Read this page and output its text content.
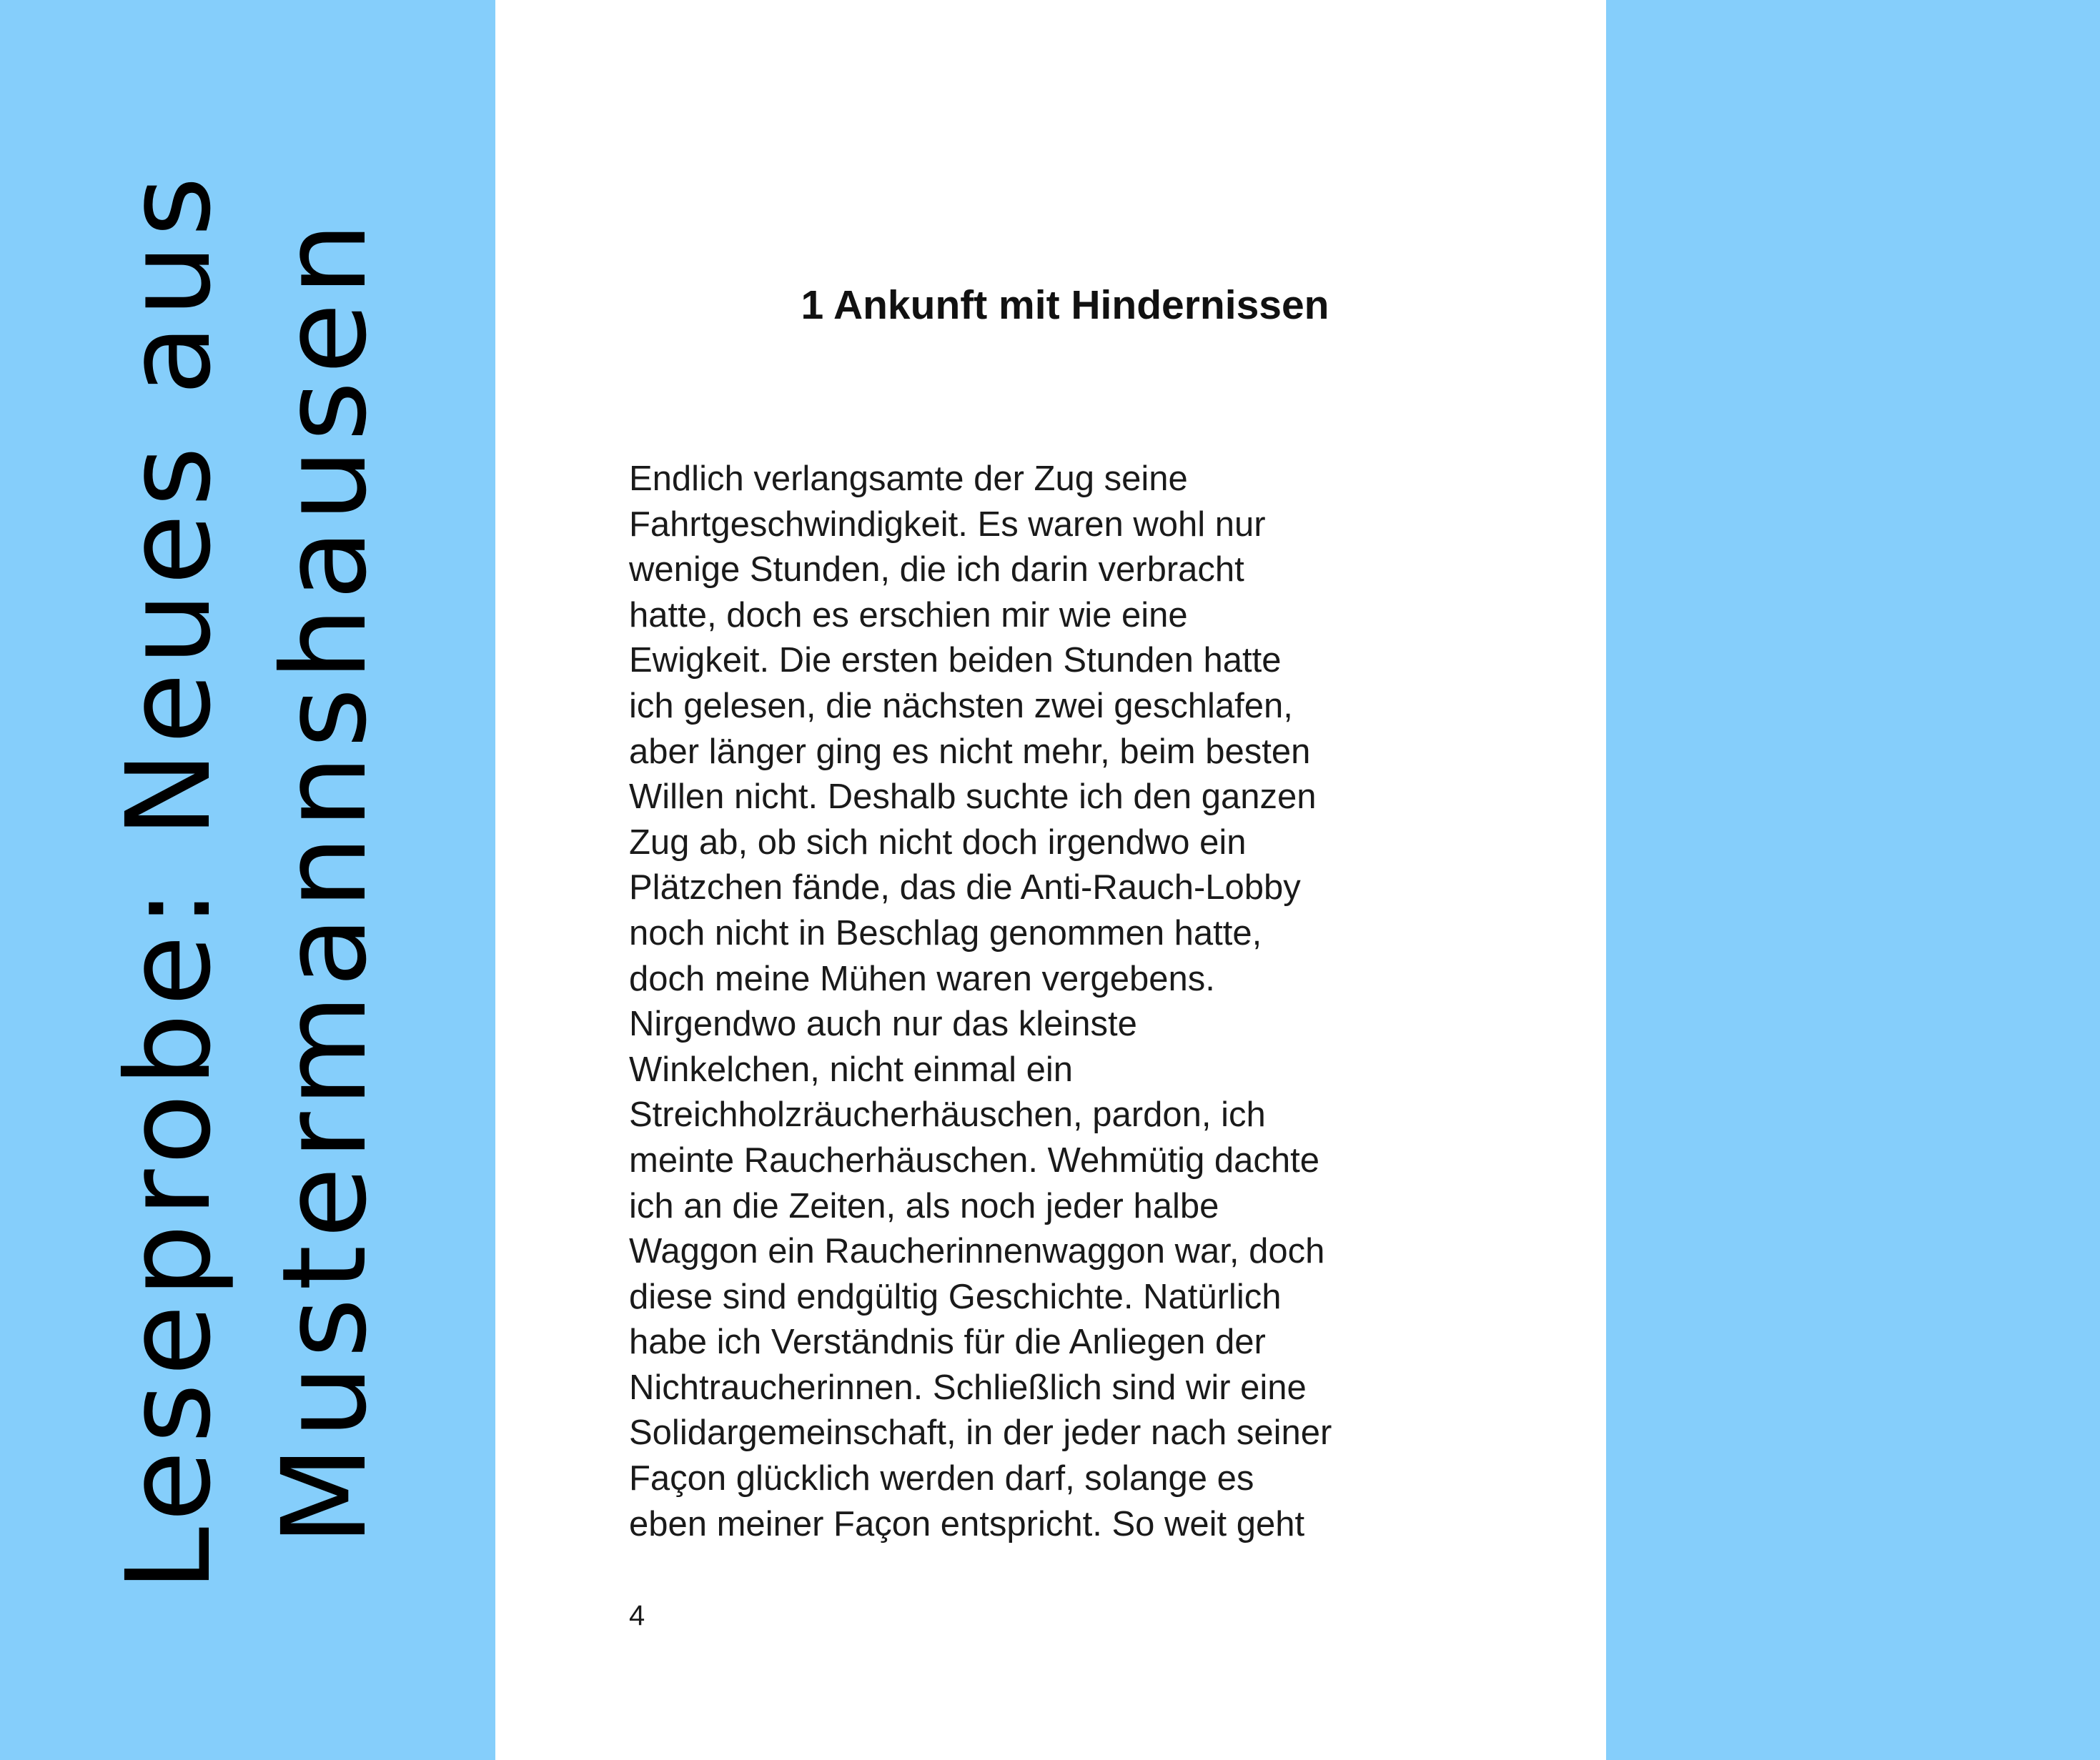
Leseprobe: Neues aus Mustermannshausen	1 Ankunft mit Hindernissen
Endlich verlangsamte der Zug seine
Fahrtgeschwindigkeit. Es waren wohl nur
wenige Stunden, die ich darin verbracht
hatte, doch es erschien mir wie eine
Ewigkeit. Die ersten beiden Stunden hatte
ich gelesen, die nächsten zwei geschlafen,
aber länger ging es nicht mehr, beim besten
Willen nicht. Deshalb suchte ich den ganzen
Zug ab, ob sich nicht doch irgendwo ein
Plätzchen fände, das die Anti-Rauch-Lobby
noch nicht in Beschlag genommen hatte,
doch meine Mühen waren vergebens.
Nirgendwo auch nur das kleinste
Winkelchen, nicht einmal ein
Streichholzräucherhäuschen, pardon, ich
meinte Raucherhäuschen. Wehmütig dachte
ich an die Zeiten, als noch jeder halbe
Waggon ein Raucherinnenwaggon war, doch
diese sind endgültig Geschichte. Natürlich
habe ich Verständnis für die Anliegen der
Nichtraucherinnen. Schließlich sind wir eine
Solidargemeinschaft, in der jeder nach seiner
Façon glücklich werden darf, solange es
eben meiner Façon entspricht. So weit geht
4
